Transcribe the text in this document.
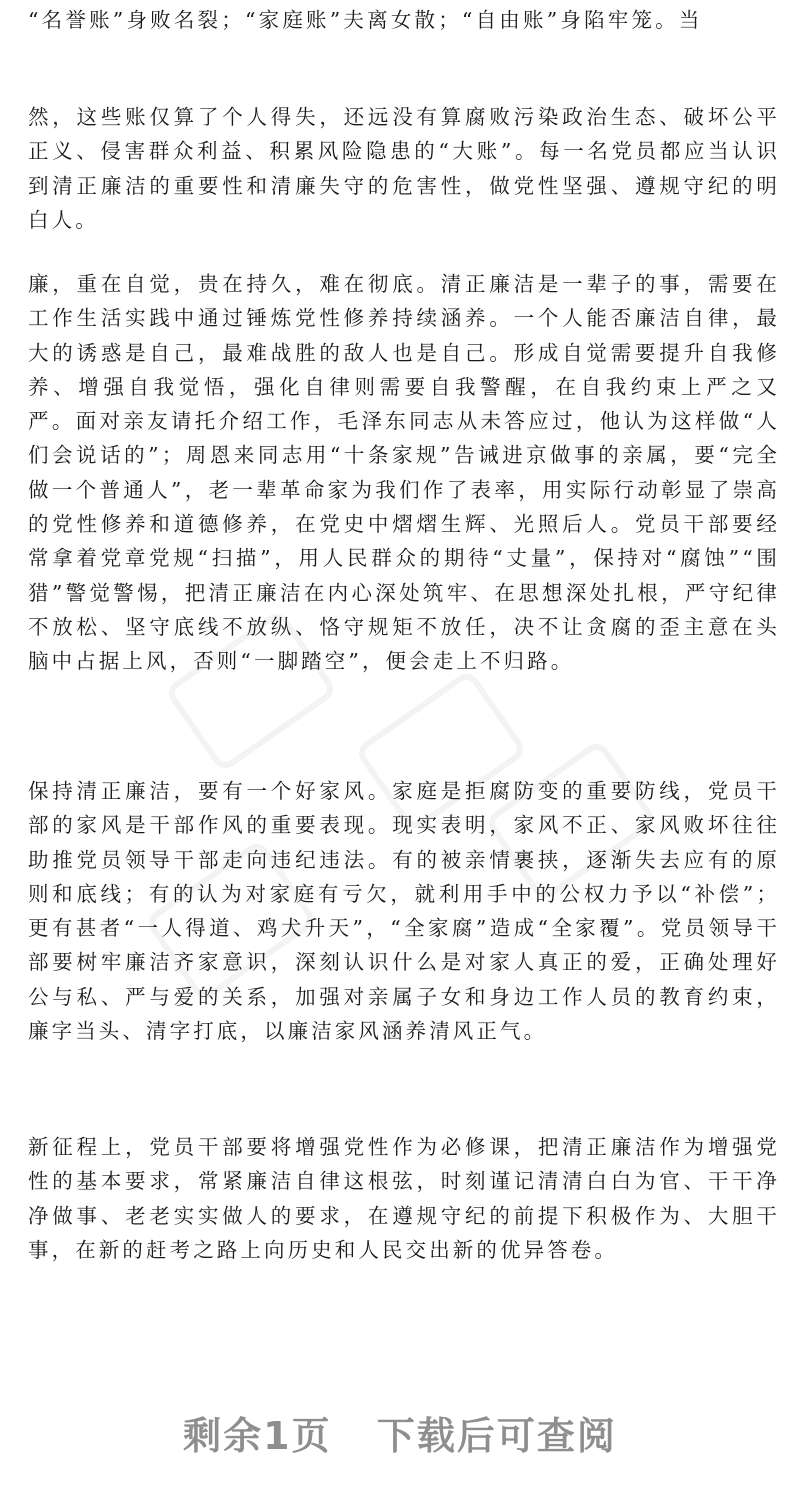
“名誉账”身败名裂；“家庭账”夫离女散；“自由账”身陷牢笼。当

然，这些账仅算了个人得失，还远没有算腐败污染政治生态、破坏公平正义、侵害群众利益、积累风险隐患的“大账”。每一名党员都应当认识到清正廉洁的重要性和清廉失守的危害性，做党性坚强、遵规守纪的明白人。

廉，重在自觉，贵在持久，难在彻底。清正廉洁是一辈子的事，需要在工作生活实践中通过锤炼党性修养持续涵养。一个人能否廉洁自律，最大的诱惑是自己，最难战胜的敌人也是自己。形成自觉需要提升自我修养、增强自我觉悟，强化自律则需要自我警醒，在自我约束上严之又严。面对亲友请托介绍工作，毛泽东同志从未答应过，他认为这样做“人们会说话的”；周恩来同志用“十条家规”告诫进京做事的亲属，要“完全做一个普通人”，老一辈革命家为我们作了表率，用实际行动彰显了崇高的党性修养和道德修养，在党史中熠熠生辉、光照后人。党员干部要经常拿着党章党规“扫描”，用人民群众的期待“丈量”，保持对“腐蚀”“围猎”警觉警惕，把清正廉洁在内心深处筑牢、在思想深处扎根，严守纪律不放松、坚守底线不放纵、恪守规矩不放任，决不让贪腐的歪主意在头脑中占据上风，否则“一脚踏空”，便会走上不归路。

保持清正廉洁，要有一个好家风。家庭是拒腐防变的重要防线，党员干部的家风是干部作风的重要表现。现实表明，家风不正、家风败坏往往助推党员领导干部走向违纪违法。有的被亲情裹挟，逐渐失去应有的原则和底线；有的认为对家庭有亏欠，就利用手中的公权力予以“补偿”；更有甚者“一人得道、鸡犬升天”，“全家腐”造成“全家覆”。党员领导干部要树牢廉洁齐家意识，深刻认识什么是对家人真正的爱，正确处理好公与私、严与爱的关系，加强对亲属子女和身边工作人员的教育约束，廉字当头、清字打底，以廉洁家风涵养清风正气。

新征程上，党员干部要将增强党性作为必修课，把清正廉洁作为增强党性的基本要求，常紧廉洁自律这根弦，时刻谨记清清白白为官、干干净净做事、老老实实做人的要求，在遵规守纪的前提下积极作为、大胆干事，在新的赶考之路上向历史和人民交出新的优异答卷。

剩余1页 下载后可查阅
